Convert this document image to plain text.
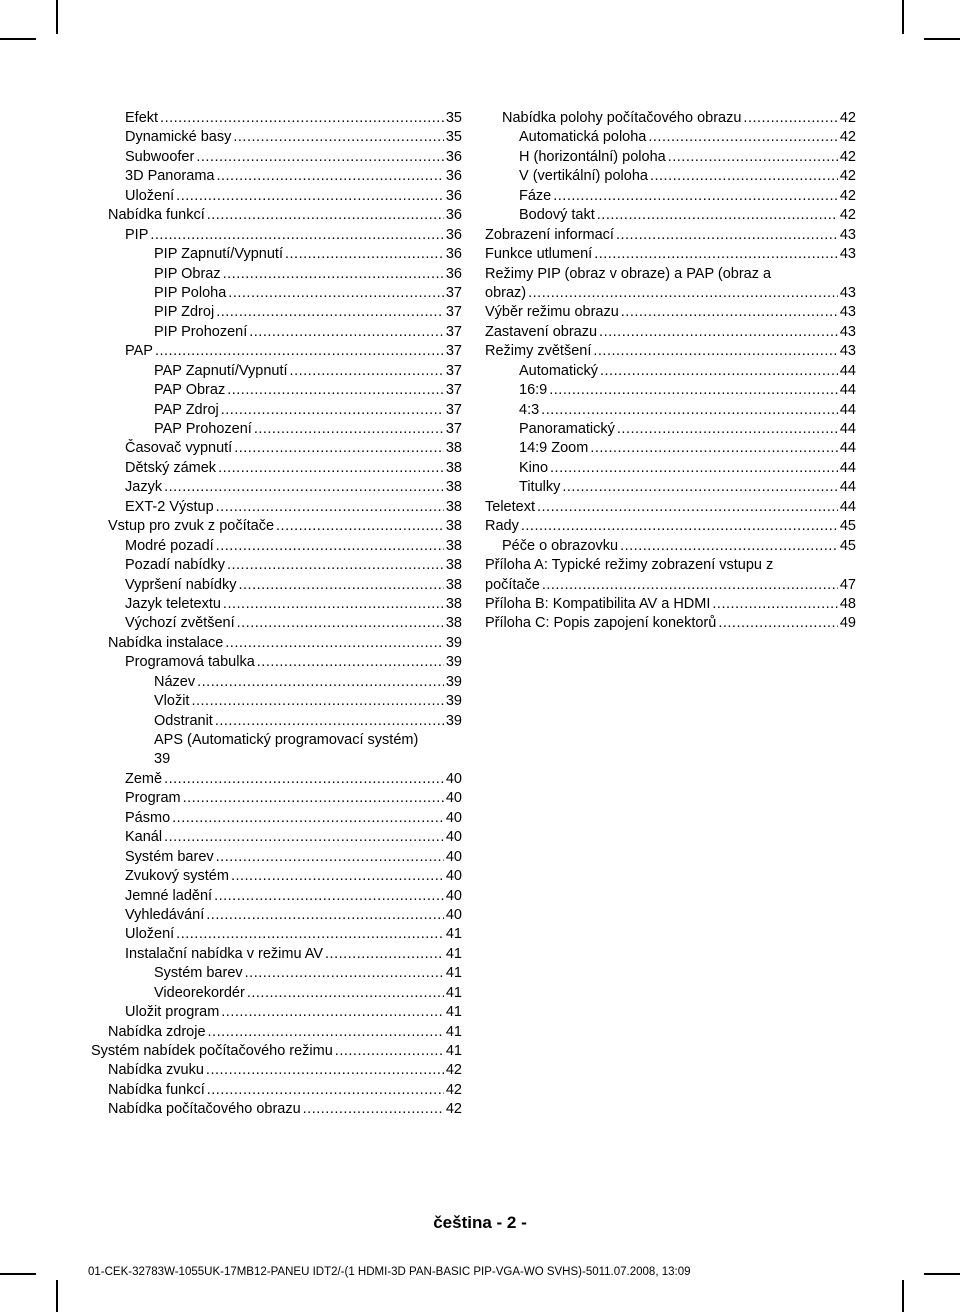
Efekt .....	35
Dynamické basy .....	35
Subwoofer .....	36
3D Panorama .....	36
Uložení .....	36
Nabídka funkcí .....	36
PIP .....	36
PIP Zapnutí/Vypnutí .....	36
PIP Obraz .....	36
PIP Poloha .....	37
PIP Zdroj .....	37
PIP Prohození .....	37
PAP .....	37
PAP Zapnutí/Vypnutí .....	37
PAP Obraz .....	37
PAP Zdroj .....	37
PAP Prohození .....	37
Časovač vypnutí .....	38
Dětský zámek .....	38
Jazyk .....	38
EXT-2 Výstup .....	38
Vstup pro zvuk z počítače .....	38
Modré pozadí .....	38
Pozadí nabídky .....	38
Vypršení nabídky .....	38
Jazyk teletextu .....	38
Výchozí zvětšení .....	38
Nabídka instalace .....	39
Programová tabulka .....	39
Název .....	39
Vložit .....	39
Odstranit .....	39
APS (Automatický programovací systém)
39
Země .....	40
Program .....	40
Pásmo .....	40
Kanál .....	40
Systém barev .....	40
Zvukový systém .....	40
Jemné ladění .....	40
Vyhledávání .....	40
Uložení .....	41
Instalační nabídka v režimu AV .....	41
Systém barev .....	41
Videorekordér .....	41
Uložit program .....	41
Nabídka zdroje .....	41
Systém nabídek počítačového režimu .....	41
Nabídka zvuku .....	42
Nabídka funkcí .....	42
Nabídka počítačového obrazu .....	42
Nabídka polohy počítačového obrazu .....	42
Automatická poloha .....	42
H (horizontální) poloha .....	42
V (vertikální) poloha .....	42
Fáze .....	42
Bodový takt .....	42
Zobrazení informací .....	43
Funkce utlumení .....	43
Režimy PIP (obraz v obraze) a PAP (obraz a
obraz) .....	43
Výběr režimu obrazu .....	43
Zastavení obrazu .....	43
Režimy zvětšení .....	43
Automatický .....	44
16:9 .....	44
4:3 .....	44
Panoramatický .....	44
14:9 Zoom .....	44
Kino .....	44
Titulky .....	44
Teletext .....	44
Rady .....	45
Péče o obrazovku .....	45
Příloha A: Typické režimy zobrazení vstupu z
počítače .....	47
Příloha B: Kompatibilita AV a HDMI .....	48
Příloha C: Popis zapojení konektorů .....	49
čeština - 2 -
01-CEK-32783W-1055UK-17MB12-PANEU IDT2/-(1 HDMI-3D PAN-BASIC PIP-VGA-WO SVHS)-5011.07.2008, 13:09
